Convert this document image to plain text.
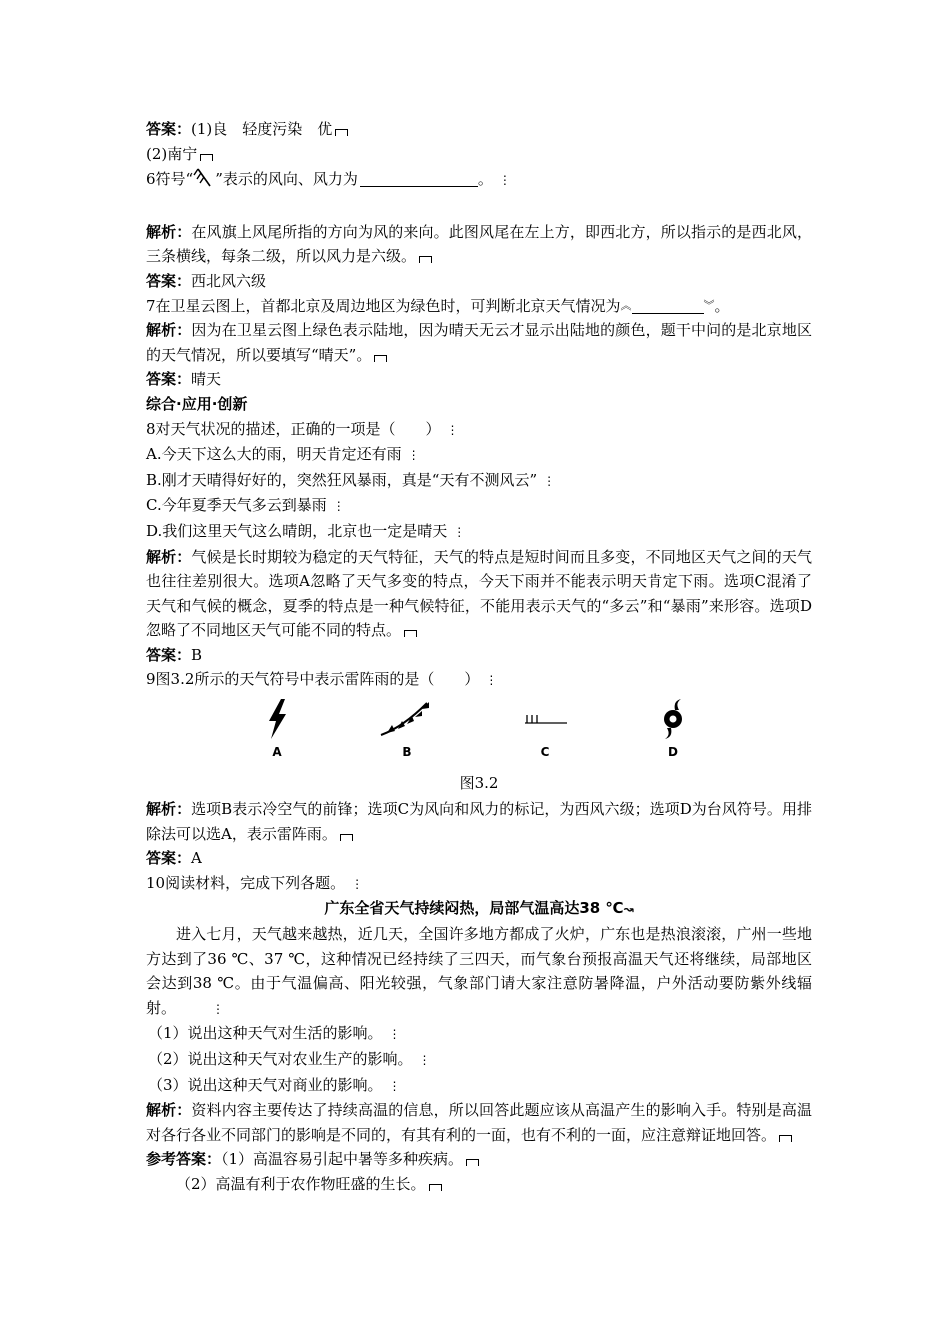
答案：(1)良　轻度污染　优
(2)南宁
6符号“ ”表示的风向、风力为	。 ⋮
解析：在风旗上风尾所指的方向为风的来向。此图风尾在左上方，即西北方，所以指示的是西北风，三条横线，每条二级，所以风力是六级。
答案：西北风六级
7在卫星云图上，首都北京及周边地区为绿色时，可判断北京天气情况为︽	︾。
解析：因为在卫星云图上绿色表示陆地，因为晴天无云才显示出陆地的颜色，题干中问的是北京地区的天气情况，所以要填写“晴天”。
答案：晴天
综合·应用·创新
8对天气状况的描述，正确的一项是（　　） ⋮
A.今天下这么大的雨，明天肯定还有雨 ⋮
B.刚才天晴得好好的，突然狂风暴雨，真是“天有不测风云” ⋮
C.今年夏季天气多云到暴雨 ⋮
D.我们这里天气这么晴朗，北京也一定是晴天 ⋮
解析：气候是长时期较为稳定的天气特征，天气的特点是短时间而且多变，不同地区天气之间的天气也往往差别很大。选项A忽略了天气多变的特点，今天下雨并不能表示明天肯定下雨。选项C混淆了天气和气候的概念，夏季的特点是一种气候特征，不能用表示天气的“多云”和“暴雨”来形容。选项D忽略了不同地区天气可能不同的特点。
答案：B
9图3.2所示的天气符号中表示雷阵雨的是（　　） ⋮
A	B	C	D
图3.2
解析：选项B表示冷空气的前锋；选项C为风向和风力的标记，为西风六级；选项D为台风符号。用排除法可以选A，表示雷阵雨。
答案：A
10阅读材料，完成下列各题。 ⋮
广东全省天气持续闷热，局部气温高达38 ℃↝
进入七月，天气越来越热，近几天，全国许多地方都成了火炉，广东也是热浪滚滚，广州一些地方达到了36 ℃、37 ℃，这种情况已经持续了三四天，而气象台预报高温天气还将继续，局部地区会达到38 ℃。由于气温偏高、阳光较强，气象部门请大家注意防暑降温，户外活动要防紫外线辐射。	⋮
（1）说出这种天气对生活的影响。 ⋮
（2）说出这种天气对农业生产的影响。 ⋮
（3）说出这种天气对商业的影响。 ⋮
解析：资料内容主要传达了持续高温的信息，所以回答此题应该从高温产生的影响入手。特别是高温对各行各业不同部门的影响是不同的，有其有利的一面，也有不利的一面，应注意辩证地回答。
参考答案：（1）高温容易引起中暑等多种疾病。
（2）高温有利于农作物旺盛的生长。
